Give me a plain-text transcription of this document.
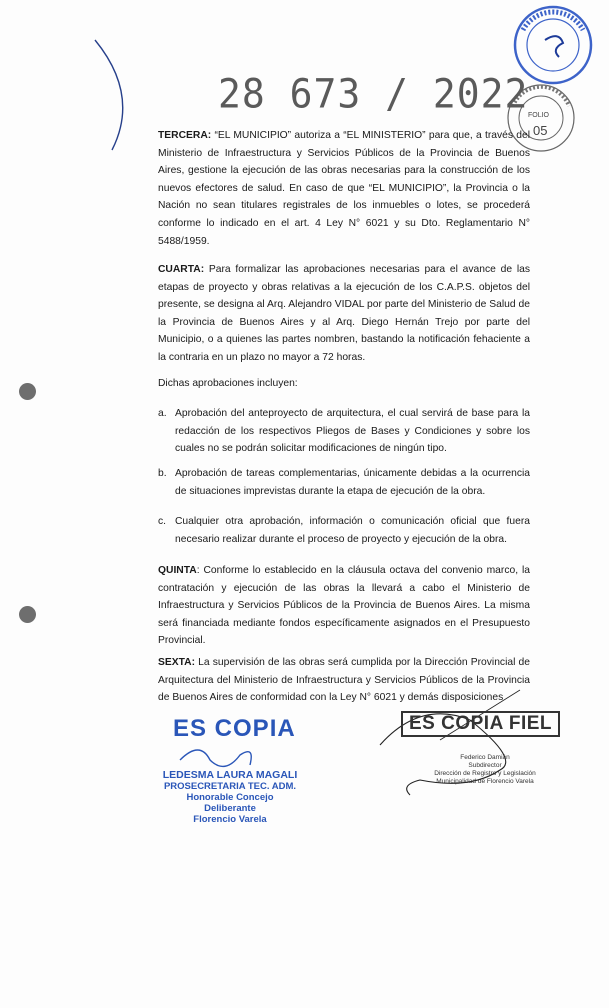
28 673 / 2022 FOLIO
05
TERCERA: “EL MUNICIPIO” autoriza a “EL MINISTERIO” para que, a través del Ministerio de Infraestructura y Servicios Públicos de la Provincia de Buenos Aires, gestione la ejecución de las obras necesarias para la construcción de los nuevos efectores de salud. En caso de que “EL MUNICIPIO”, la Provincia o la Nación no sean titulares registrales de los inmuebles o lotes, se procederá conforme lo indicado en el art. 4 Ley N° 6021 y su Dto. Reglamentario N° 5488/1959.
CUARTA: Para formalizar las aprobaciones necesarias para el avance de las etapas de proyecto y obras relativas a la ejecución de los C.A.P.S. objetos del presente, se designa al Arq. Alejandro VIDAL por parte del Ministerio de Salud de la Provincia de Buenos Aires y al Arq. Diego Hernán Trejo por parte del Municipio, o a quienes las partes nombren, bastando la notificación fehaciente a la contraria en un plazo no mayor a 72 horas.
Dichas aprobaciones incluyen:
a. Aprobación del anteproyecto de arquitectura, el cual servirá de base para la redacción de los respectivos Pliegos de Bases y Condiciones y sobre los cuales no se podrán solicitar modificaciones de ningún tipo.
b. Aprobación de tareas complementarias, únicamente debidas a la ocurrencia de situaciones imprevistas durante la etapa de ejecución de la obra.
c. Cualquier otra aprobación, información o comunicación oficial que fuera necesario realizar durante el proceso de proyecto y ejecución de la obra.
QUINTA: Conforme lo establecido en la cláusula octava del convenio marco, la contratación y ejecución de las obras la llevará a cabo el Ministerio de Infraestructura y Servicios Públicos de la Provincia de Buenos Aires. La misma será financiada mediante fondos específicamente asignados en el Presupuesto Provincial.
SEXTA: La supervisión de las obras será cumplida por la Dirección Provincial de Arquitectura del Ministerio de Infraestructura y Servicios Públicos de la Provincia de Buenos Aires de conformidad con la Ley N° 6021 y demás disposiciones
ES COPIA	ES COPIA FIEL
LEDESMA LAURA MAGALI
PROSECRETARIA TEC. ADM.
Honorable Concejo Deliberante
Florencio Varela
Federico Damián
Subdirector
Dirección de Registro y Legislación
Municipalidad de Florencio Varela
